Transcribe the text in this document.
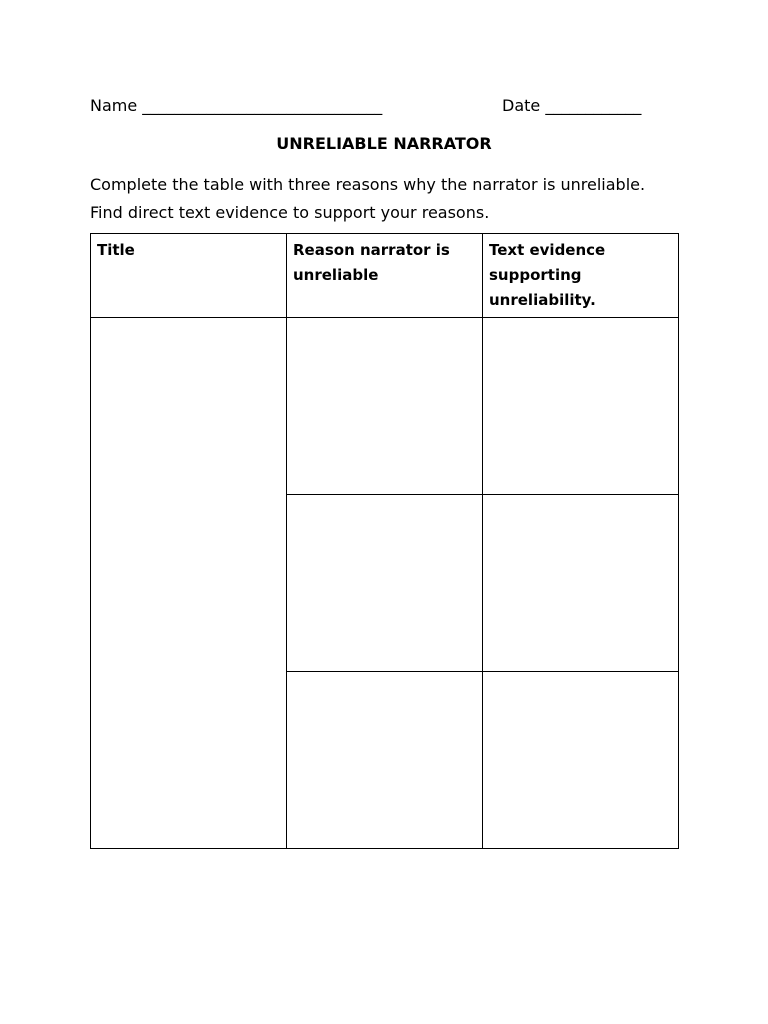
Name ______________________________	Date ____________
UNRELIABLE NARRATOR
Complete the table with three reasons why the narrator is unreliable.
Find direct text evidence to support your reasons.
Title	Reason narrator is unreliable	Text evidence supporting unreliability.
